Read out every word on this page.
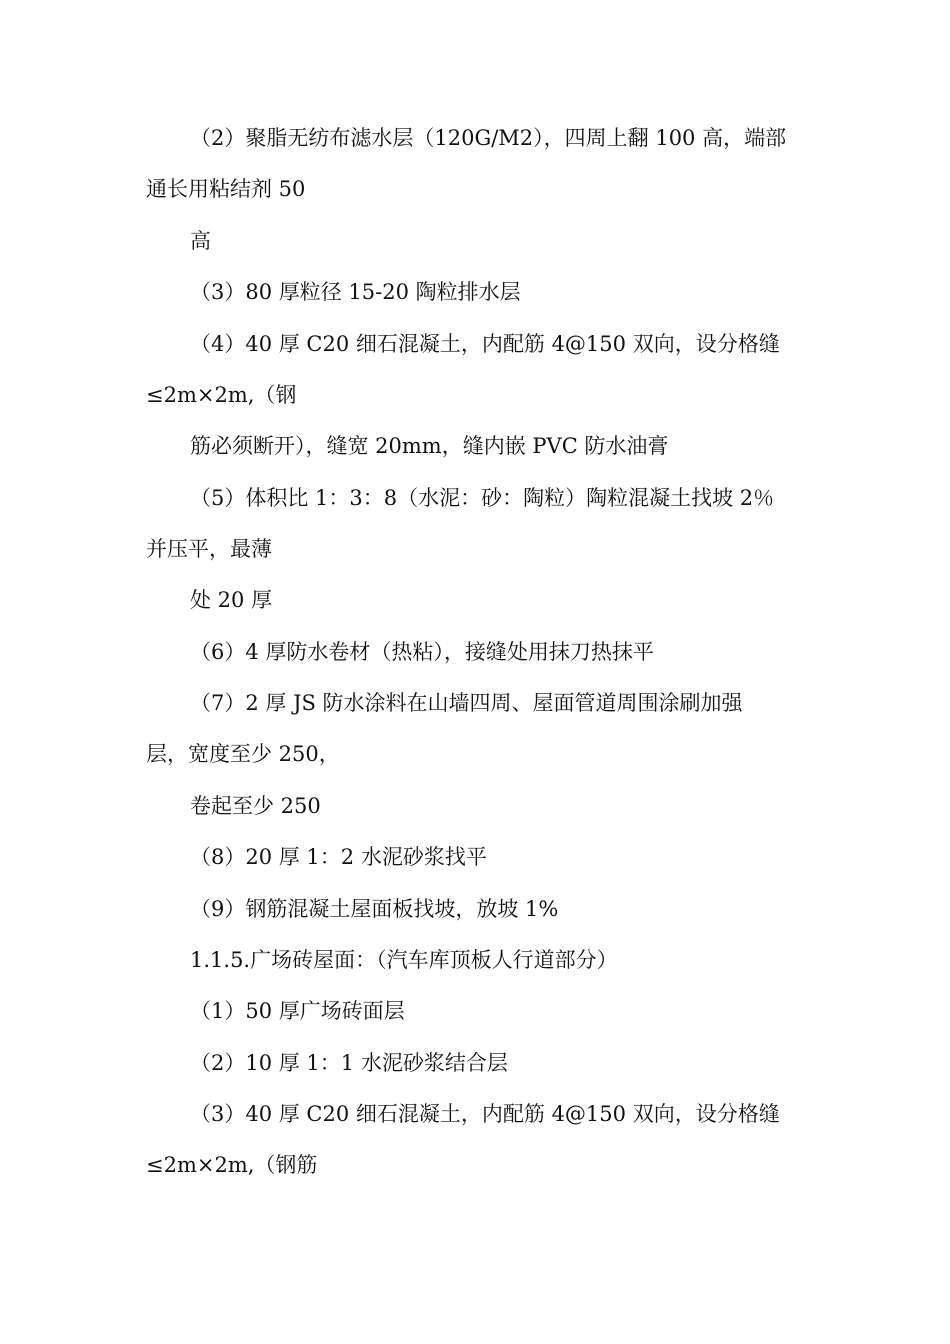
（2）聚脂无纺布滤水层（120G/M2），四周上翻 100 高，端部
通长用粘结剂 50
高
（3）80 厚粒径 15-20 陶粒排水层
（4）40 厚 C20 细石混凝土，内配筋 4@150 双向，设分格缝
≤2m×2m,（钢
筋必须断开），缝宽 20mm，缝内嵌 PVC 防水油膏
（5）体积比 1：3：8（水泥：砂：陶粒）陶粒混凝土找坡 2％
并压平，最薄
处 20 厚
（6）4 厚防水卷材（热粘），接缝处用抹刀热抹平
（7）2 厚 JS 防水涂料在山墙四周、屋面管道周围涂刷加强
层，宽度至少 250，
卷起至少 250
（8）20 厚 1：2 水泥砂浆找平
（9）钢筋混凝土屋面板找坡，放坡 1%
1.1.5.广场砖屋面：（汽车库顶板人行道部分）
（1）50 厚广场砖面层
（2）10 厚 1：1 水泥砂浆结合层
（3）40 厚 C20 细石混凝土，内配筋 4@150 双向，设分格缝
≤2m×2m,（钢筋
